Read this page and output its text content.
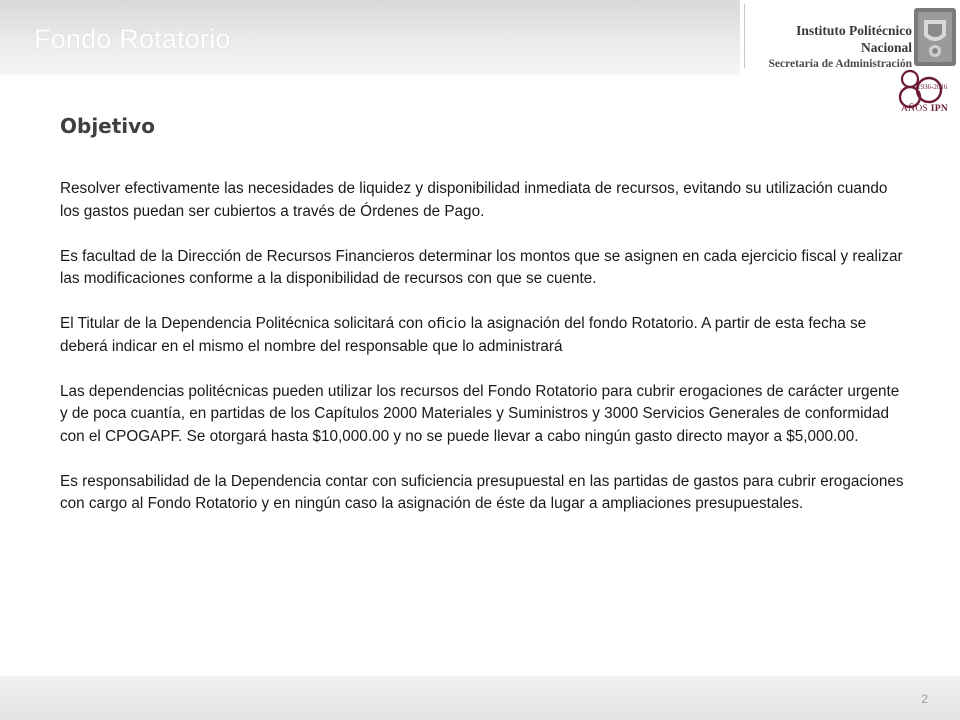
Fondo Rotatorio	Instituto Politécnico Nacional
Secretaría de Administración
1936-2016
AÑOS IPN
Objetivo

Resolver efectivamente las necesidades de liquidez y disponibilidad inmediata de recursos, evitando su utilización cuando los gastos puedan ser cubiertos a través de Órdenes de Pago.

Es facultad de la Dirección de Recursos Financieros determinar los montos que se asignen en cada ejercicio fiscal y realizar las modificaciones conforme a la disponibilidad de recursos con que se cuente.

El Titular de la Dependencia Politécnica solicitará con oficio la asignación del fondo Rotatorio. A partir de esta fecha se deberá indicar en el mismo el nombre del responsable que lo administrará

Las dependencias politécnicas pueden utilizar los recursos del Fondo Rotatorio para cubrir erogaciones de carácter urgente y de poca cuantía, en partidas de los Capítulos 2000 Materiales y Suministros y 3000 Servicios Generales de conformidad con el CPOGAPF. Se otorgará hasta $10,000.00 y no se puede llevar a cabo ningún gasto directo mayor a $5,000.00.

Es responsabilidad de la Dependencia contar con suficiencia presupuestal en las partidas de gastos para cubrir erogaciones con cargo al Fondo Rotatorio y en ningún caso la asignación de éste da lugar a ampliaciones presupuestales.

2
